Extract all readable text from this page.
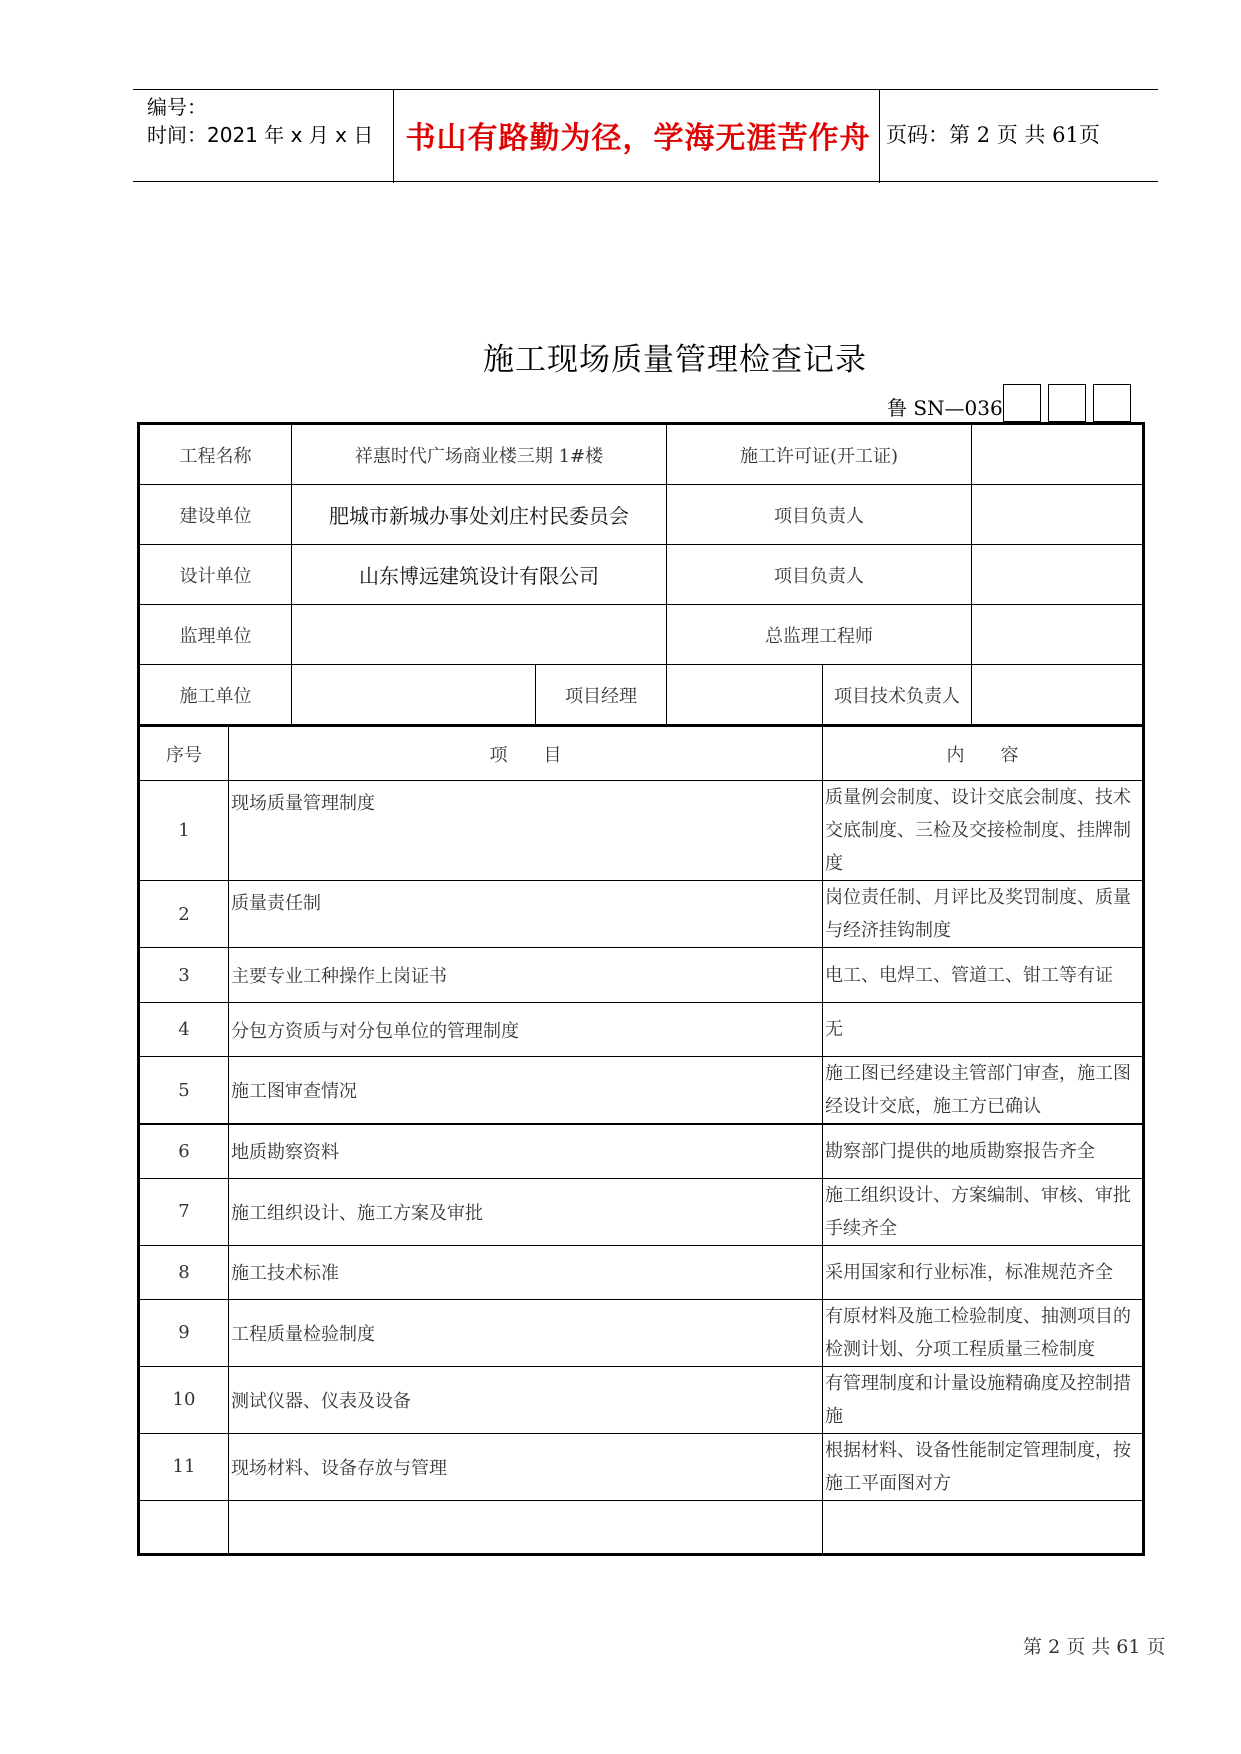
编号：
时间：2021 年 x 月 x 日	书山有路勤为径，学海无涯苦作舟 页码：第 2 页 共 61页
施工现场质量管理检查记录
鲁 SN—036
工程名称		祥惠时代广场商业楼三期 1#楼		施工许可证(开工证)		
建设单位		肥城市新城办事处刘庄村民委员会		项目负责人		
设计单位		山东博远建筑设计有限公司		项目负责人		
监理单位				总监理工程师		
施工单位			项目经理		项目技术负责人	
序号	项　　目				内　　容	
1	现场质量管理制度				质量例会制度、设计交底会制度、技术交底制度、三检及交接检制度、挂牌制度	
2	质量责任制				岗位责任制、月评比及奖罚制度、质量与经济挂钩制度	
3	主要专业工种操作上岗证书				电工、电焊工、管道工、钳工等有证	
4	分包方资质与对分包单位的管理制度				无	
5	施工图审查情况				施工图已经建设主管部门审查，施工图经设计交底，施工方已确认	
6	地质勘察资料				勘察部门提供的地质勘察报告齐全	
7	施工组织设计、施工方案及审批				施工组织设计、方案编制、审核、审批手续齐全	
8	施工技术标准				采用国家和行业标准，标准规范齐全	
9	工程质量检验制度				有原材料及施工检验制度、抽测项目的检测计划、分项工程质量三检制度	
10	测试仪器、仪表及设备				有管理制度和计量设施精确度及控制措施	
11	现场材料、设备存放与管理				根据材料、设备性能制定管理制度，按施工平面图对方	

第 2 页 共 61 页
